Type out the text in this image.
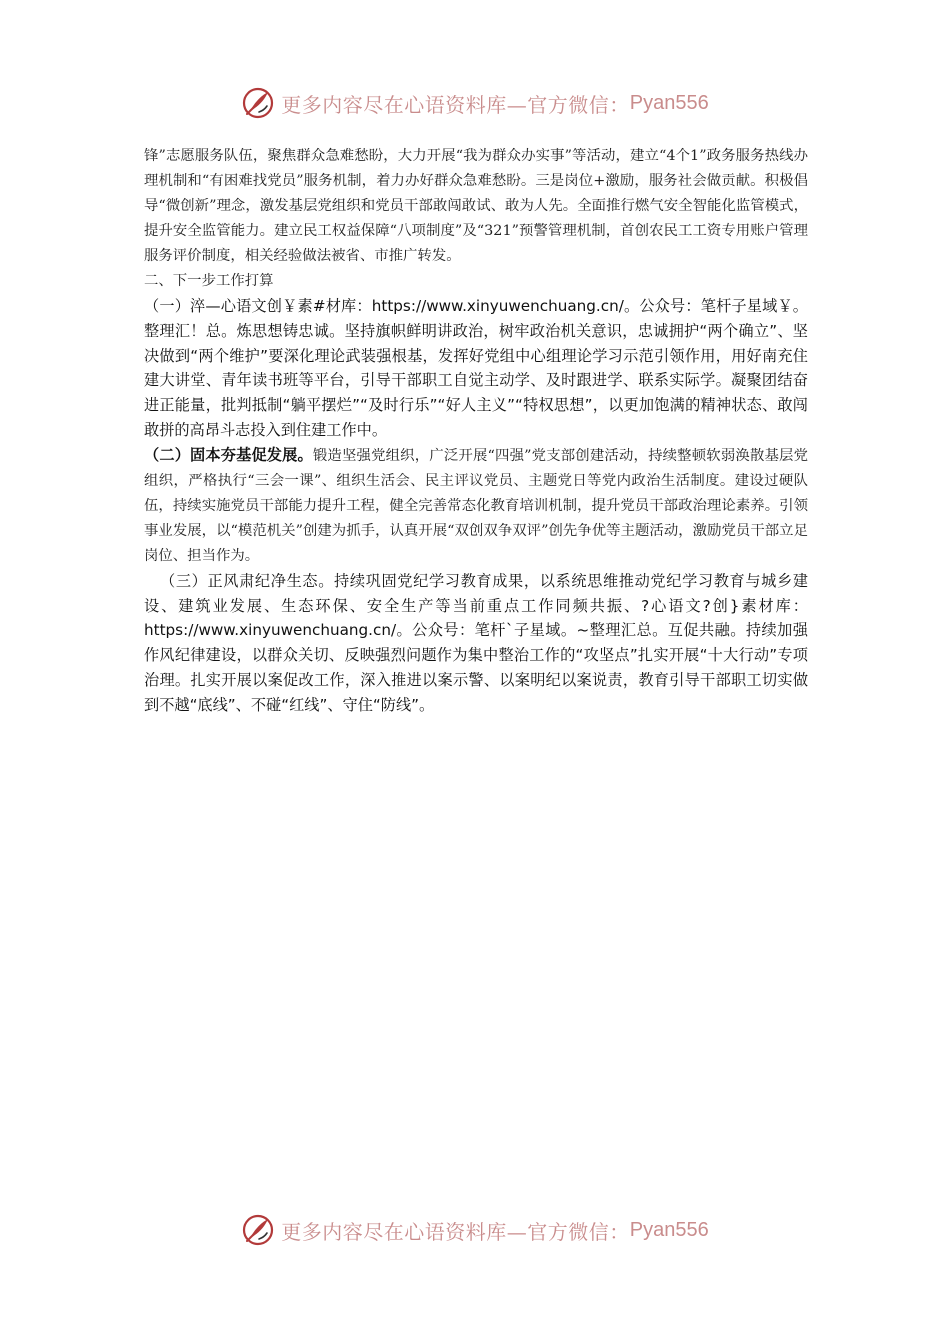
更多内容尽在心语资料库—官方微信： Pyan556

锋”志愿服务队伍，聚焦群众急难愁盼，大力开展“我为群众办实事”等活动，建立“4个1”政务服务热线办理机制和“有困难找党员”服务机制，着力办好群众急难愁盼。三是岗位+激励，服务社会做贡献。积极倡导“微创新”理念，激发基层党组织和党员干部敢闯敢试、敢为人先。全面推行燃气安全智能化监管模式，提升安全监管能力。建立民工权益保障“八项制度”及“321”预警管理机制，首创农民工工资专用账户管理服务评价制度，相关经验做法被省、市推广转发。

二、下一步工作打算

（一）淬—心语文创￥素#材库：https://www.xinyuwenchuang.cn/。公众号：笔杆子星域￥。整理汇！总。炼思想铸忠诚。坚持旗帜鲜明讲政治，树牢政治机关意识，忠诚拥护“两个确立”、坚决做到“两个维护”要深化理论武装强根基，发挥好党组中心组理论学习示范引领作用，用好南充住建大讲堂、青年读书班等平台，引导干部职工自觉主动学、及时跟进学、联系实际学。凝聚团结奋进正能量，批判抵制“躺平摆烂”“及时行乐”“好人主义”“特权思想”，以更加饱满的精神状态、敢闯敢拼的高昂斗志投入到住建工作中。

（二）固本夯基促发展。锻造坚强党组织，广泛开展“四强”党支部创建活动，持续整顿软弱涣散基层党组织，严格执行“三会一课”、组织生活会、民主评议党员、主题党日等党内政治生活制度。建设过硬队伍，持续实施党员干部能力提升工程，健全完善常态化教育培训机制，提升党员干部政治理论素养。引领事业发展，以“模范机关”创建为抓手，认真开展“双创双争双评”创先争优等主题活动，激励党员干部立足岗位、担当作为。

（三）正风肃纪净生态。持续巩固党纪学习教育成果，以系统思维推动党纪学习教育与城乡建设、建筑业发展、生态环保、安全生产等当前重点工作同频共振、?心语文?创}素材库：https://www.xinyuwenchuang.cn/。公众号：笔杆`子星域。~整理汇总。互促共融。持续加强作风纪律建设，以群众关切、反映强烈问题作为集中整治工作的“攻坚点”扎实开展“十大行动”专项治理。扎实开展以案促改工作，深入推进以案示警、以案明纪以案说责，教育引导干部职工切实做到不越“底线”、不碰“红线”、守住“防线”。

更多内容尽在心语资料库—官方微信： Pyan556
